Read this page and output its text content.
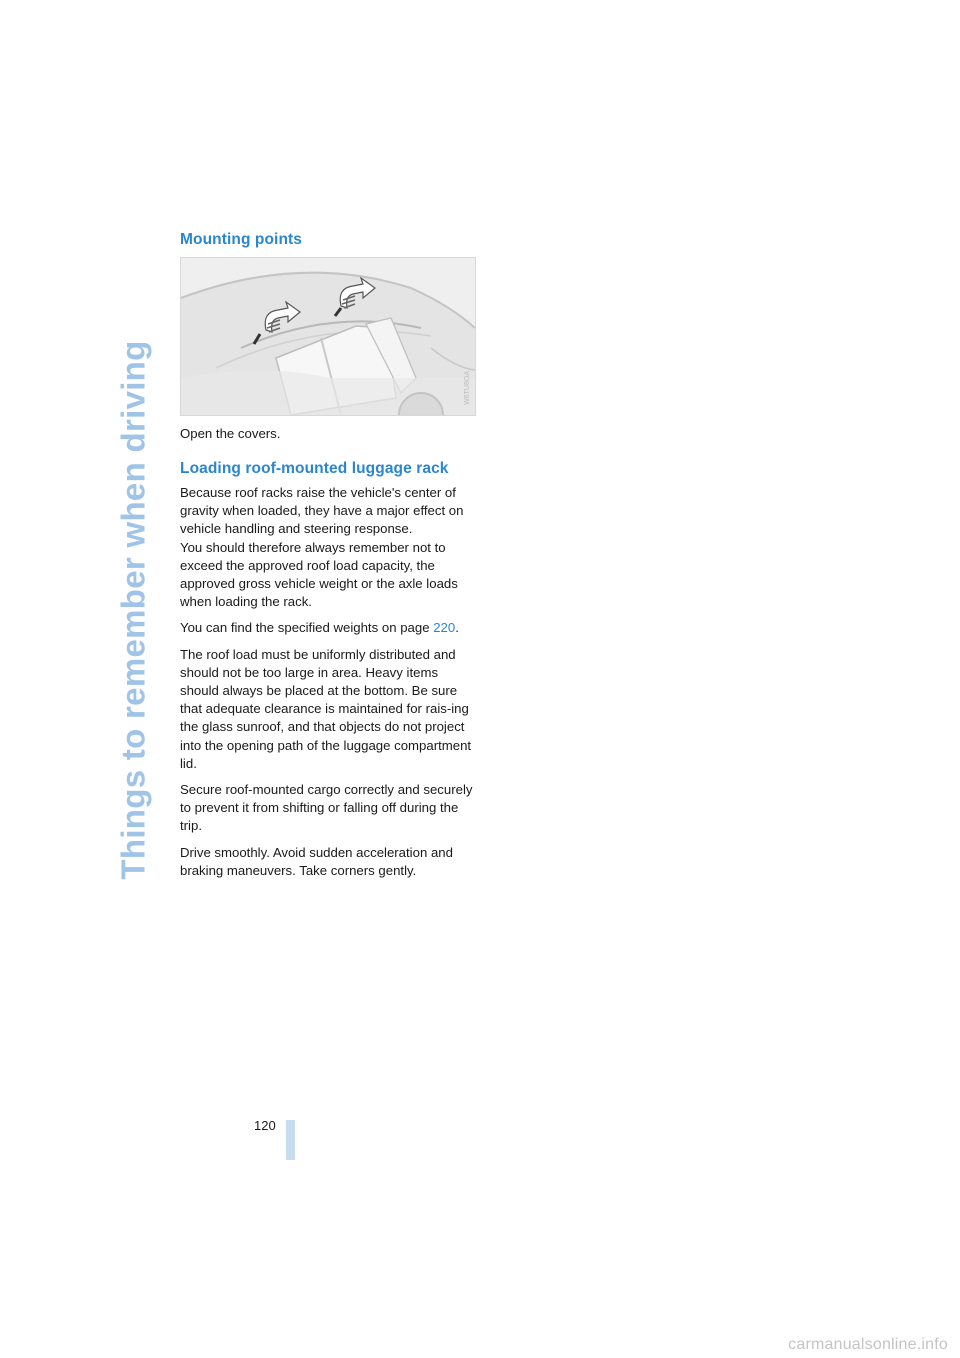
Things to remember when driving
Mounting points
W6TU8OA

Open the covers.

Loading roof-mounted luggage rack

Because roof racks raise the vehicle's center of gravity when loaded, they have a major effect on vehicle handling and steering response.

You should therefore always remember not to exceed the approved roof load capacity, the approved gross vehicle weight or the axle loads when loading the rack.

You can find the specified weights on page 220.

The roof load must be uniformly distributed and should not be too large in area. Heavy items should always be placed at the bottom. Be sure that adequate clearance is maintained for rais-ing the glass sunroof, and that objects do not project into the opening path of the luggage compartment lid.

Secure roof-mounted cargo correctly and securely to prevent it from shifting or falling off during the trip.

Drive smoothly. Avoid sudden acceleration and braking maneuvers. Take corners gently.

120
carmanualsonline.info
